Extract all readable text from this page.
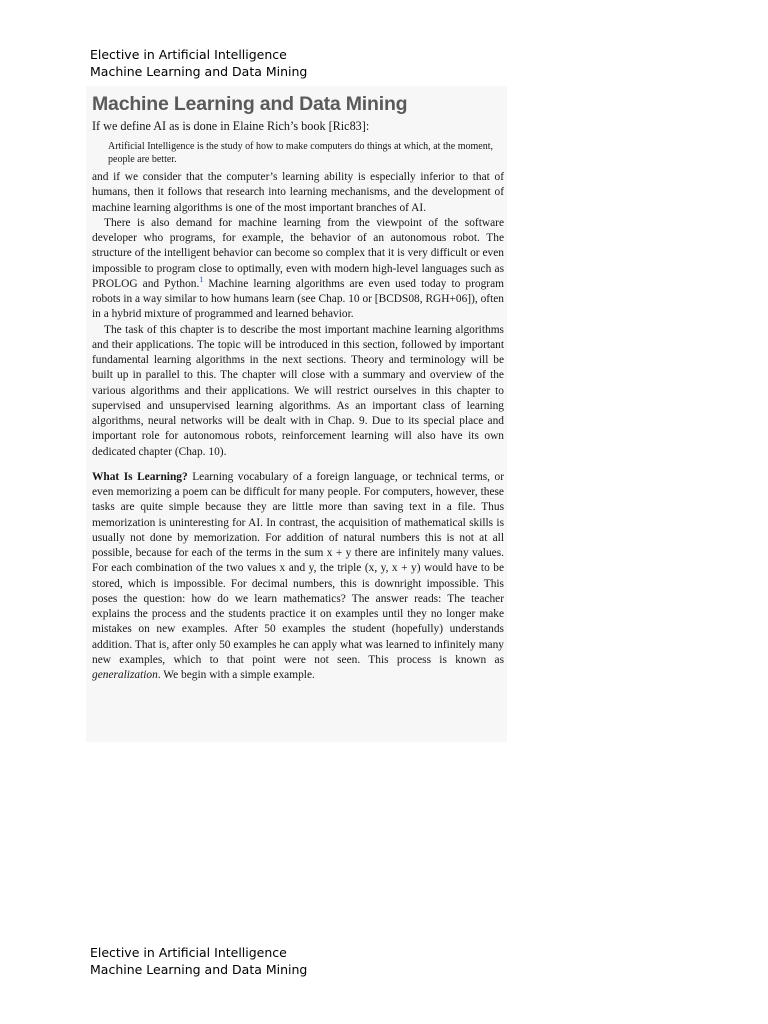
Elective in Artificial Intelligence
Machine Learning and Data Mining
Machine Learning and Data Mining

If we define AI as is done in Elaine Rich’s book [Ric83]:

Artificial Intelligence is the study of how to make computers do things at which, at the moment, people are better.

and if we consider that the computer’s learning ability is especially inferior to that of humans, then it follows that research into learning mechanisms, and the development of machine learning algorithms is one of the most important branches of AI.

There is also demand for machine learning from the viewpoint of the software developer who programs, for example, the behavior of an autonomous robot. The structure of the intelligent behavior can become so complex that it is very difficult or even impossible to program close to optimally, even with modern high-level languages such as PROLOG and Python.$^1$ Machine learning algorithms are even used today to program robots in a way similar to how humans learn (see Chap. 10 or [BCDS08, RGH+06]), often in a hybrid mixture of programmed and learned behavior.

The task of this chapter is to describe the most important machine learning algorithms and their applications. The topic will be introduced in this section, followed by important fundamental learning algorithms in the next sections. Theory and terminology will be built up in parallel to this. The chapter will close with a summary and overview of the various algorithms and their applications. We will restrict ourselves in this chapter to supervised and unsupervised learning algorithms. As an important class of learning algorithms, neural networks will be dealt with in Chap. 9. Due to its special place and important role for autonomous robots, reinforcement learning will also have its own dedicated chapter (Chap. 10).

What Is Learning? Learning vocabulary of a foreign language, or technical terms, or even memorizing a poem can be difficult for many people. For computers, however, these tasks are quite simple because they are little more than saving text in a file. Thus memorization is uninteresting for AI. In contrast, the acquisition of mathematical skills is usually not done by memorization. For addition of natural numbers this is not at all possible, because for each of the terms in the sum x + y there are infinitely many values. For each combination of the two values x and y, the triple (x, y, x + y) would have to be stored, which is impossible. For decimal numbers, this is downright impossible. This poses the question: how do we learn mathematics? The answer reads: The teacher explains the process and the students practice it on examples until they no longer make mistakes on new examples. After 50 examples the student (hopefully) understands addition. That is, after only 50 examples he can apply what was learned to infinitely many new examples, which to that point were not seen. This process is known as generalization. We begin with a simple example.

Elective in Artificial Intelligence
Machine Learning and Data Mining
